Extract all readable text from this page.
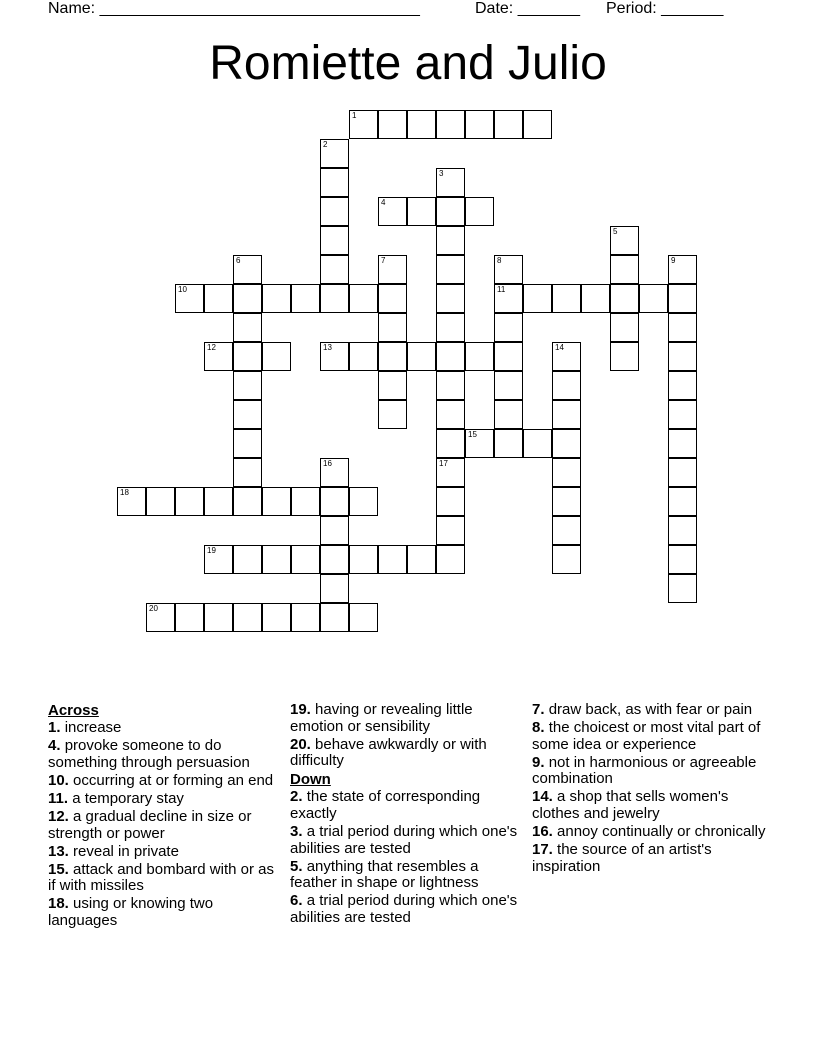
Name: ____________________________________	Date: _______ Period: _______
Romiette and Julio
1
2
3
4
5
6	7	8
11
9
10
12	13	14
15
16	17
18
19
20
Across
1. increase
4. provoke someone to do something through persuasion
10. occurring at or forming an end
11. a temporary stay
12. a gradual decline in size or strength or power
13. reveal in private
15. attack and bombard with or as if with missiles
18. using or knowing two languages
19. having or revealing little emotion or sensibility
20. behave awkwardly or with difficulty
Down
2. the state of corresponding exactly
3. a trial period during which one's abilities are tested
5. anything that resembles a feather in shape or lightness
6. a trial period during which one's abilities are tested
7. draw back, as with fear or pain
8. the choicest or most vital part of some idea or experience
9. not in harmonious or agreeable combination
14. a shop that sells women's clothes and jewelry
16. annoy continually or chronically
17. the source of an artist's inspiration
